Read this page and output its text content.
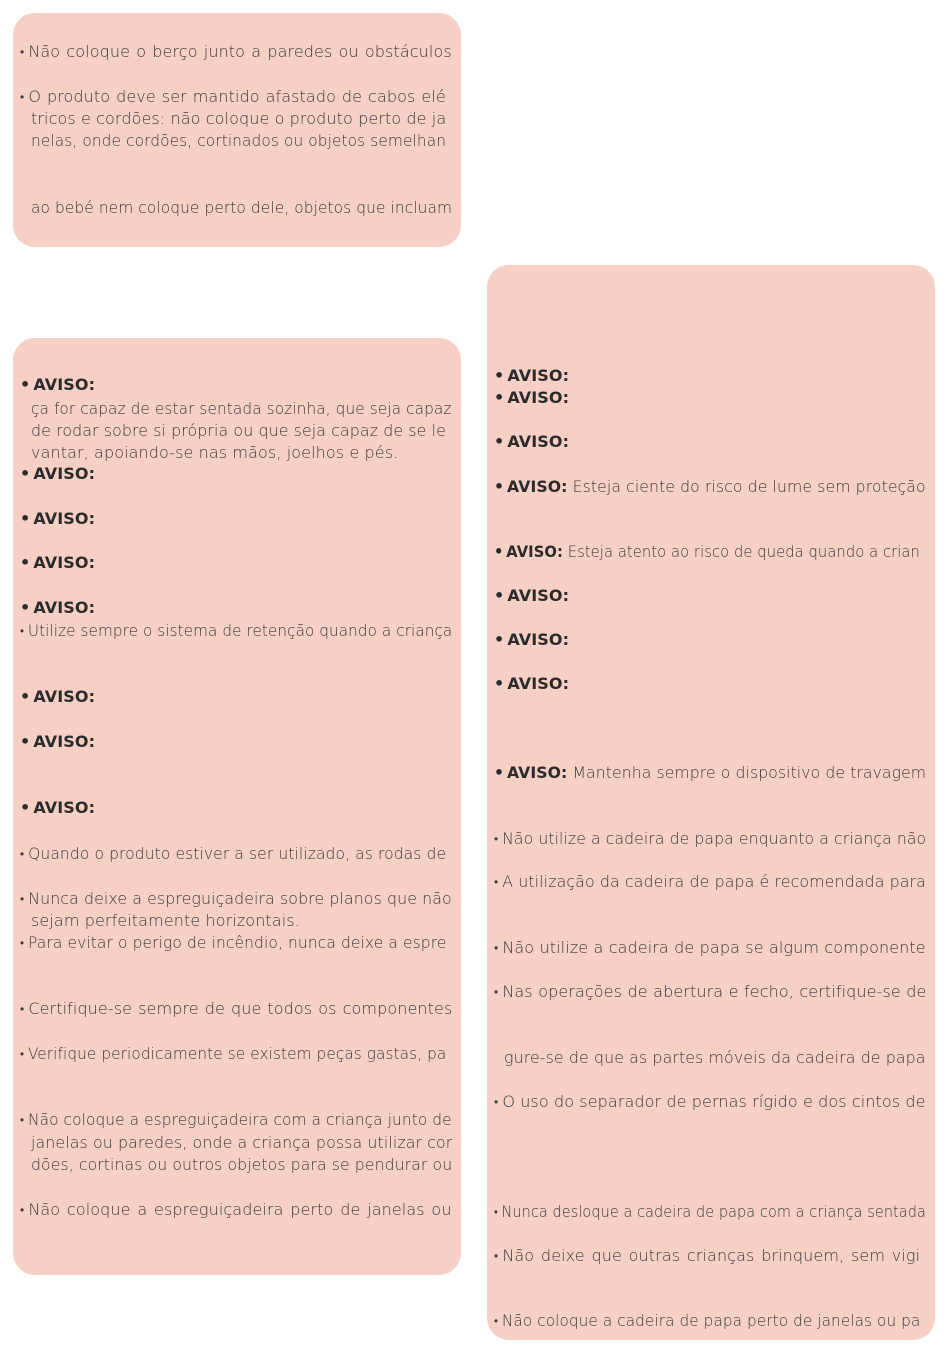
• Não coloque o berço junto a paredes ou obstáculos
• O produto deve ser mantido afastado de cabos elé
tricos e cordões: não coloque o produto perto de ja
nelas, onde cordões, cortinados ou objetos semelhan
ao bebé nem coloque perto dele, objetos que incluam
• AVISO:
ça for capaz de estar sentada sozinha, que seja capaz
de rodar sobre si própria ou que seja capaz de se le
vantar, apoiando-se nas mãos, joelhos e pés.
• AVISO:
• AVISO:
• AVISO:
• AVISO:
• Utilize sempre o sistema de retenção quando a criança
• AVISO:
• AVISO:
• AVISO:
• Quando o produto estiver a ser utilizado, as rodas de
• Nunca deixe a espreguiçadeira sobre planos que não
sejam perfeitamente horizontais.
• Para evitar o perigo de incêndio, nunca deixe a espre
• Certifique-se sempre de que todos os componentes
• Verifique periodicamente se existem peças gastas, pa
• Não coloque a espreguiçadeira com a criança junto de
janelas ou paredes, onde a criança possa utilizar cor
dões, cortinas ou outros objetos para se pendurar ou
• Não coloque a espreguiçadeira perto de janelas ou
• AVISO:
• AVISO:
• AVISO:
• AVISO: Esteja ciente do risco de lume sem proteção
• AVISO: Esteja atento ao risco de queda quando a crian
• AVISO:
• AVISO:
• AVISO:
• AVISO: Mantenha sempre o dispositivo de travagem
• Não utilize a cadeira de papa enquanto a criança não
• A utilização da cadeira de papa é recomendada para
• Não utilize a cadeira de papa se algum componente
• Nas operações de abertura e fecho, certifique-se de
gure-se de que as partes móveis da cadeira de papa
• O uso do separador de pernas rígido e dos cintos de
• Nunca desloque a cadeira de papa com a criança sentada
• Não deixe que outras crianças brinquem, sem vigi
• Não coloque a cadeira de papa perto de janelas ou pa
